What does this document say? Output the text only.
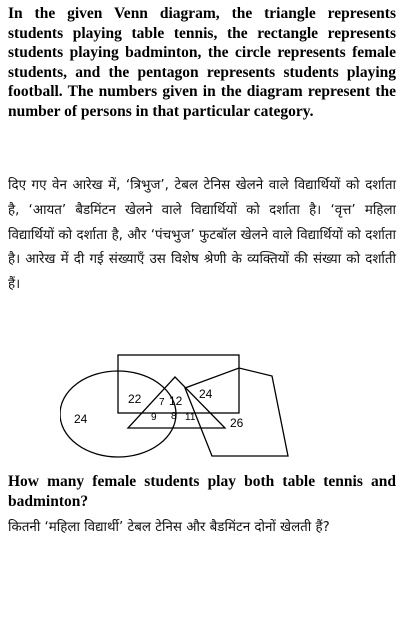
In the given Venn diagram, the triangle represents students playing table tennis, the rectangle represents students playing badminton, the circle represents female students, and the pentagon represents students playing football. The numbers given in the diagram represent the number of persons in that particular category.

दिए गए वेन आरेख में, ‘त्रिभुज’, टेबल टेनिस खेलने वाले विद्यार्थियों को दर्शाता है, ‘आयत’ बैडमिंटन खेलने वाले विद्यार्थियों को दर्शाता है। ‘वृत्त’ महिला विद्यार्थियों को दर्शाता है, और ‘पंचभुज’ फुटबॉल खेलने वाले विद्यार्थियों को दर्शाता है। आरेख में दी गई संख्याएँ उस विशेष श्रेणी के व्यक्तियों की संख्या को दर्शाती हैं।

24
22 7 12
9 8 11
24
26

How many female students play both table tennis and badminton?

कितनी ‘महिला विद्यार्थी’ टेबल टेनिस और बैडमिंटन दोनों खेलती हैं?
